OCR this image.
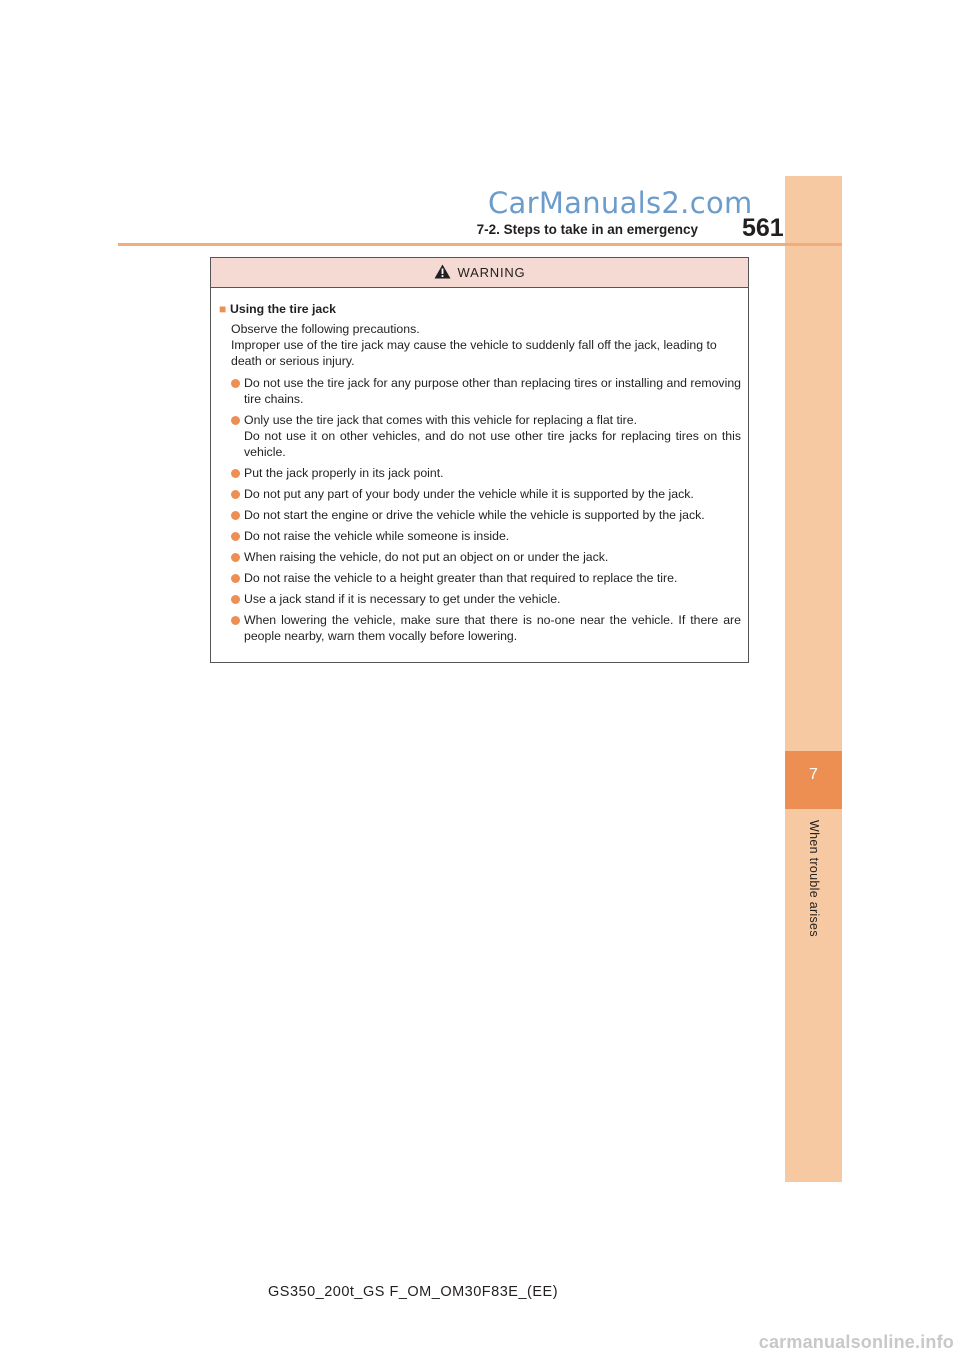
7
When trouble arises
CarManuals2.com
7-2. Steps to take in an emergency 561
WARNING
■ Using the tire jack
Observe the following precautions.
Improper use of the tire jack may cause the vehicle to suddenly fall off the jack, leading to death or serious injury.
Do not use the tire jack for any purpose other than replacing tires or installing and removing tire chains.
Only use the tire jack that comes with this vehicle for replacing a flat tire.
Do not use it on other vehicles, and do not use other tire jacks for replacing tires on this vehicle.
Put the jack properly in its jack point.
Do not put any part of your body under the vehicle while it is supported by the jack.
Do not start the engine or drive the vehicle while the vehicle is supported by the jack.
Do not raise the vehicle while someone is inside.
When raising the vehicle, do not put an object on or under the jack.
Do not raise the vehicle to a height greater than that required to replace the tire.
Use a jack stand if it is necessary to get under the vehicle.
When lowering the vehicle, make sure that there is no-one near the vehicle. If there are people nearby, warn them vocally before lowering.
GS350_200t_GS F_OM_OM30F83E_(EE)
carmanualsonline.info
